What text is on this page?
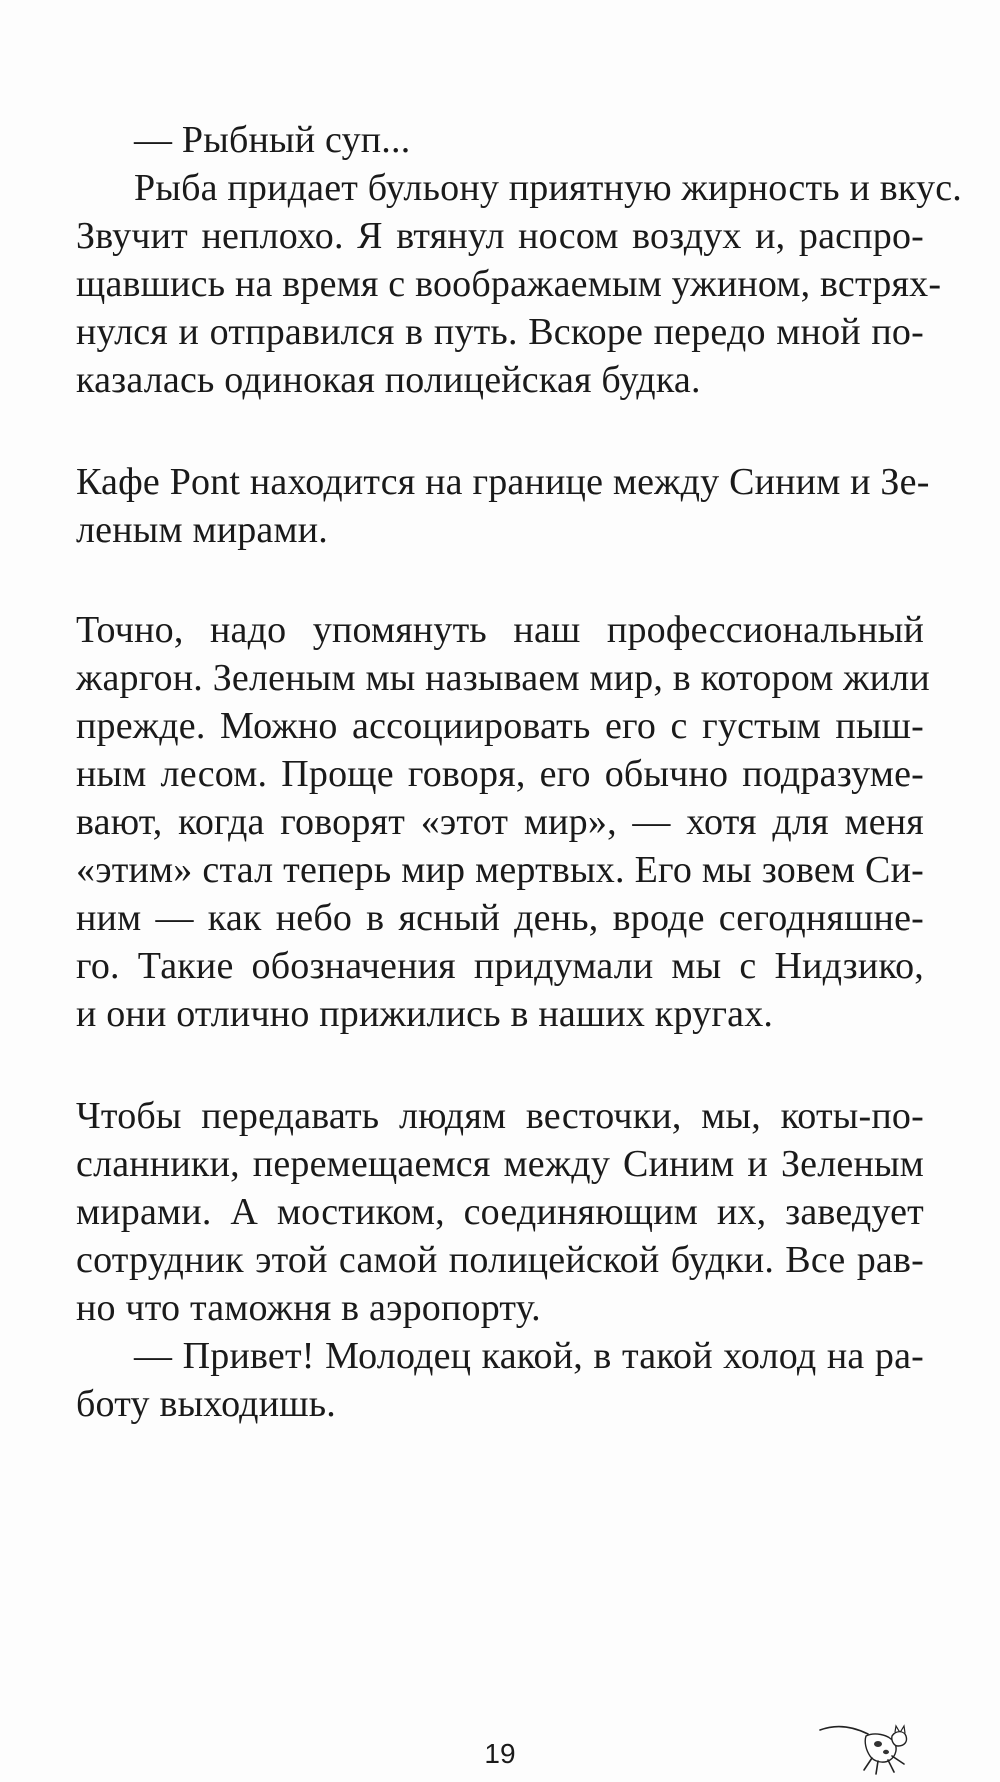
— Рыбный суп...

Рыба придает бульону приятную жирность и вкус.

Звучит неплохо. Я втянул носом воздух и, распро-

щавшись на время с воображаемым ужином, встрях-

нулся и отправился в путь. Вскоре передо мной по-

казалась одинокая полицейская будка.

Кафе Pont находится на границе между Синим и Зе-

леным мирами.

Точно, надо упомянуть наш профессиональный

жаргон. Зеленым мы называем мир, в котором жили

прежде. Можно ассоциировать его с густым пыш-

ным лесом. Проще говоря, его обычно подразуме-

вают, когда говорят «этот мир», — хотя для меня

«этим» стал теперь мир мертвых. Его мы зовем Си-

ним — как небо в ясный день, вроде сегодняшне-

го. Такие обозначения придумали мы с Нидзико,

и они отлично прижились в наших кругах.

Чтобы передавать людям весточки, мы, коты-по-

сланники, перемещаемся между Синим и Зеленым

мирами. А мостиком, соединяющим их, заведует

сотрудник этой самой полицейской будки. Все рав-

но что таможня в аэропорту.

— Привет! Молодец какой, в такой холод на ра-

боту выходишь.

19
